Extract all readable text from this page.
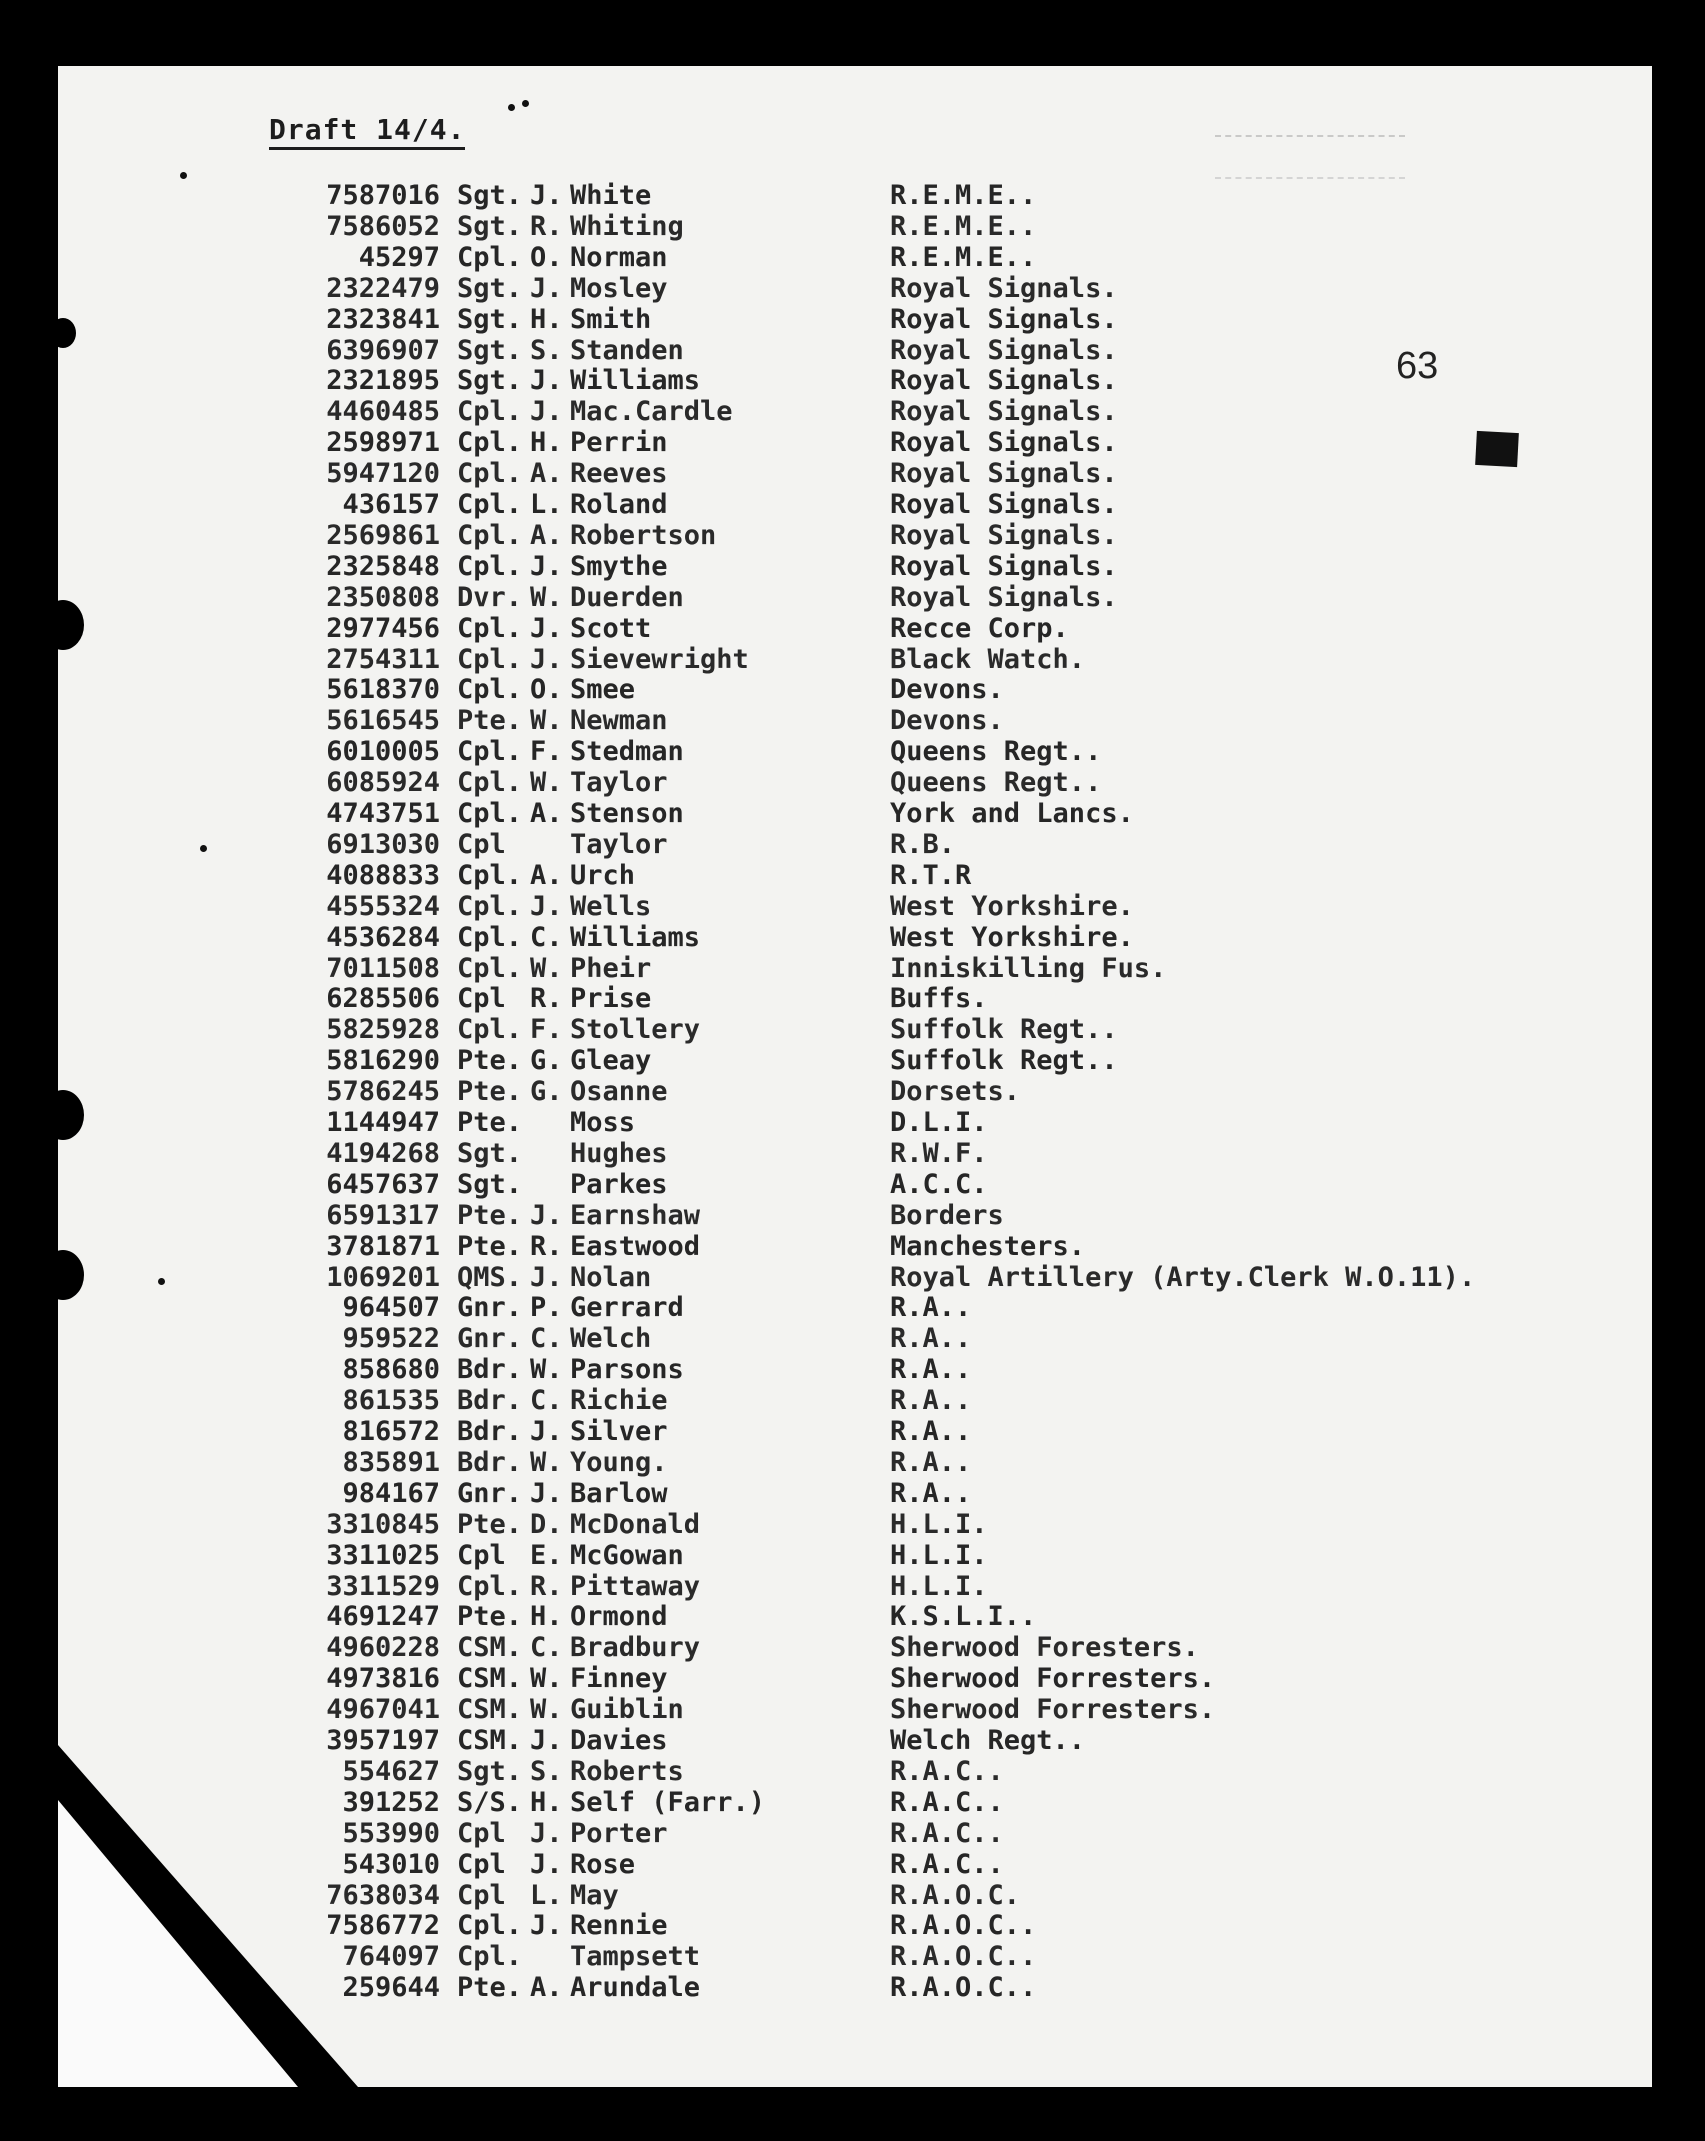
Draft 14/4.
63
7587016 Sgt. J. White	R.E.M.E..
7586052 Sgt. R. Whiting	R.E.M.E..
45297 Cpl. O. Norman	R.E.M.E..
2322479 Sgt. J. Mosley	Royal Signals.
2323841 Sgt. H. Smith	Royal Signals.
6396907 Sgt. S. Standen	Royal Signals.
2321895 Sgt. J. Williams	Royal Signals.
4460485 Cpl. J. Mac.Cardle	Royal Signals.
2598971 Cpl. H. Perrin	Royal Signals.
5947120 Cpl. A. Reeves	Royal Signals.
436157 Cpl. L. Roland	Royal Signals.
2569861 Cpl. A. Robertson	Royal Signals.
2325848 Cpl. J. Smythe	Royal Signals.
2350808 Dvr. W. Duerden	Royal Signals.
2977456 Cpl. J. Scott	Recce Corp.
2754311 Cpl. J. Sievewright	Black Watch.
5618370 Cpl. O. Smee	Devons.
5616545 Pte. W. Newman	Devons.
6010005 Cpl. F. Stedman	Queens Regt..
6085924 Cpl. W. Taylor	Queens Regt..
4743751 Cpl. A. Stenson	York and Lancs.
6913030 Cpl Taylor	R.B.
4088833 Cpl. A. Urch	R.T.R
4555324 Cpl. J. Wells	West Yorkshire.
4536284 Cpl. C. Williams	West Yorkshire.
7011508 Cpl. W. Pheir	Inniskilling Fus.
6285506 Cpl R. Prise	Buffs.
5825928 Cpl. F. Stollery	Suffolk Regt..
5816290 Pte. G. Gleay	Suffolk Regt..
5786245 Pte. G. Osanne	Dorsets.
1144947 Pte. Moss	D.L.I.
4194268 Sgt. Hughes	R.W.F.
6457637 Sgt. Parkes	A.C.C.
6591317 Pte. J. Earnshaw	Borders
3781871 Pte. R. Eastwood	Manchesters.
1069201 QMS. J. Nolan	Royal Artillery (Arty.Clerk W.O.11).
964507 Gnr. P. Gerrard	R.A..
959522 Gnr. C. Welch	R.A..
858680 Bdr. W. Parsons	R.A..
861535 Bdr. C. Richie	R.A..
816572 Bdr. J. Silver	R.A..
835891 Bdr. W. Young.	R.A..
984167 Gnr. J. Barlow	R.A..
3310845 Pte. D. McDonald	H.L.I.
3311025 Cpl E. McGowan	H.L.I.
3311529 Cpl. R. Pittaway	H.L.I.
4691247 Pte. H. Ormond	K.S.L.I..
4960228 CSM. C. Bradbury	Sherwood Foresters.
4973816 CSM. W. Finney	Sherwood Forresters.
4967041 CSM. W. Guiblin	Sherwood Forresters.
3957197 CSM. J. Davies	Welch Regt..
554627 Sgt. S. Roberts	R.A.C..
391252 S/S. H. Self (Farr.)	R.A.C..
553990 Cpl J. Porter	R.A.C..
543010 Cpl J. Rose	R.A.C..
7638034 Cpl L. May	R.A.O.C.
7586772 Cpl. J. Rennie	R.A.O.C..
764097 Cpl. Tampsett	R.A.O.C..
259644 Pte. A. Arundale	R.A.O.C..
